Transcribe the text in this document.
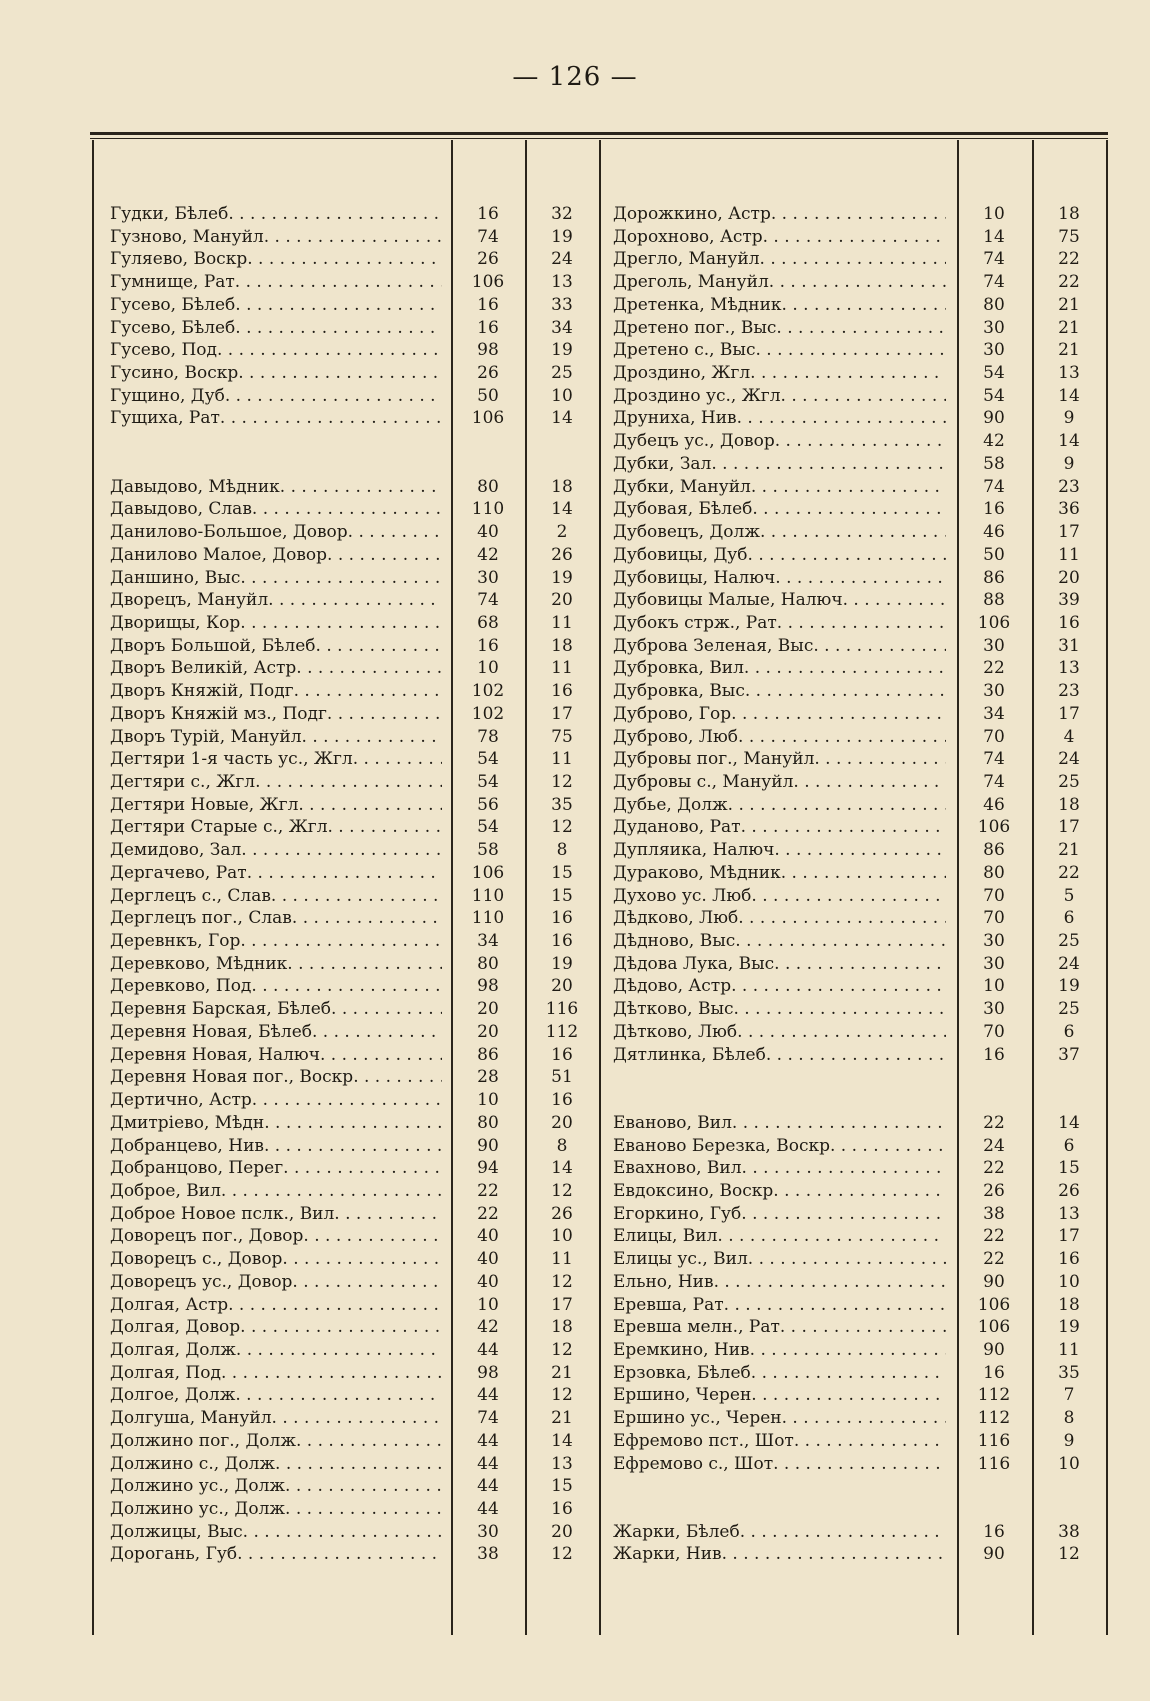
— 126 —
Гудки, Бѣлеб. . . .	16	32
Гузново, Мануйл. . . .	74	19
Гуляево, Воскр. . . .	26	24
Гумнище, Рат. . . .	106	13
Гусево, Бѣлеб. . . .	16	33
Гусево, Бѣлеб. . . .	16	34
Гусево, Под. . . .	98	19
Гусино, Воскр. . . .	26	25
Гущино, Дуб. . . .	50	10
Гущиха, Рат. . . .	106	14
Давыдово, Мѣдник. . . .	80	18
Давыдово, Слав. . . .	110	14
Данилово-Большое, Довор. . . .	40	2
Данилово Малое, Довор. . . .	42	26
Даншино, Выс. . . .	30	19
Дворецъ, Мануйл. . . .	74	20
Дворищы, Кор. . . .	68	11
Дворъ Большой, Бѣлеб. . . .	16	18
Дворъ Великій, Астр. . . .	10	11
Дворъ Княжій, Подг. . . .	102	16
Дворъ Княжій мз., Подг. . . .	102	17
Дворъ Турій, Мануйл. . . .	78	75
Дегтяри 1-я часть ус., Жгл. . . .	54	11
Дегтяри с., Жгл. . . .	54	12
Дегтяри Новые, Жгл. . . .	56	35
Дегтяри Старые с., Жгл. . . .	54	12
Демидово, Зал. . . .	58	8
Дергачево, Рат. . . .	106	15
Дерглецъ с., Слав. . . .	110	15
Дерглецъ пог., Слав. . . .	110	16
Деревнкъ, Гор. . . .	34	16
Деревково, Мѣдник. . . .	80	19
Деревково, Под. . . .	98	20
Деревня Барская, Бѣлеб. . . .	20	116
Деревня Новая, Бѣлеб. . . .	20	112
Деревня Новая, Налюч. . . .	86	16
Деревня Новая пог., Воскр. . . .	28	51
Дертично, Астр. . . .	10	16
Дмитріево, Мѣдн. . . .	80	20
Добранцево, Нив. . . .	90	8
Добранцово, Перег. . . .	94	14
Доброе, Вил. . . .	22	12
Доброе Новое пслк., Вил. . . .	22	26
Доворецъ пог., Довор. . . .	40	10
Доворецъ с., Довор. . . .	40	11
Доворецъ ус., Довор. . . .	40	12
Долгая, Астр. . . .	10	17
Долгая, Довор. . . .	42	18
Долгая, Долж. . . .	44	12
Долгая, Под. . . .	98	21
Долгое, Долж. . . .	44	12
Долгуша, Мануйл. . . .	74	21
Должино пог., Долж. . . .	44	14
Должино с., Долж. . . .	44	13
Должино ус., Долж. . . .	44	15
Должино ус., Долж. . . .	44	16
Должицы, Выс. . . .	30	20
Дорогань, Губ. . . .	38	12
Дорожкино, Астр. . . .	10	18
Дорохново, Астр. . . .	14	75
Дрегло, Мануйл. . . .	74	22
Дреголь, Мануйл. . . .	74	22
Дретенка, Мѣдник. . . .	80	21
Дретено пог., Выс. . . .	30	21
Дретено с., Выс. . . .	30	21
Дроздино, Жгл. . . .	54	13
Дроздино ус., Жгл. . . .	54	14
Друниха, Нив. . . .	90	9
Дубецъ ус., Довор. . . .	42	14
Дубки, Зал. . . .	58	9
Дубки, Мануйл. . . .	74	23
Дубовая, Бѣлеб. . . .	16	36
Дубовецъ, Долж. . . .	46	17
Дубовицы, Дуб. . . .	50	11
Дубовицы, Налюч. . . .	86	20
Дубовицы Малые, Налюч. . . .	88	39
Дубокъ стрж., Рат. . . .	106	16
Дуброва Зеленая, Выс. . . .	30	31
Дубровка, Вил. . . .	22	13
Дубровка, Выс. . . .	30	23
Дуброво, Гор. . . .	34	17
Дуброво, Люб. . . .	70	4
Дубровы пог., Мануйл. . . .	74	24
Дубровы с., Мануйл. . . .	74	25
Дубье, Долж. . . .	46	18
Дуданово, Рат. . . .	106	17
Дупляика, Налюч. . . .	86	21
Дураково, Мѣдник. . . .	80	22
Духово ус. Люб. . . .	70	5
Дѣдково, Люб. . . .	70	6
Дѣдново, Выс. . . .	30	25
Дѣдова Лука, Выс. . . .	30	24
Дѣдово, Астр. . . .	10	19
Дѣтково, Выс. . . .	30	25
Дѣтково, Люб. . . .	70	6
Дятлинка, Бѣлеб. . . .	16	37
Еваново, Вил. . . .	22	14
Еваново Березка, Воскр. . . .	24	6
Евахново, Вил. . . .	22	15
Евдоксино, Воскр. . . .	26	26
Егоркино, Губ. . . .	38	13
Елицы, Вил. . . .	22	17
Елицы ус., Вил. . . .	22	16
Ельно, Нив. . . .	90	10
Еревша, Рат. . . .	106	18
Еревша мелн., Рат. . . .	106	19
Еремкино, Нив. . . .	90	11
Ерзовка, Бѣлеб. . . .	16	35
Ершино, Черен. . . .	112	7
Ершино ус., Черен. . . .	112	8
Ефремово пст., Шот. . . .	116	9
Ефремово с., Шот. . . .	116	10
Жарки, Бѣлеб. . . .	16	38
Жарки, Нив. . . .	90	12
